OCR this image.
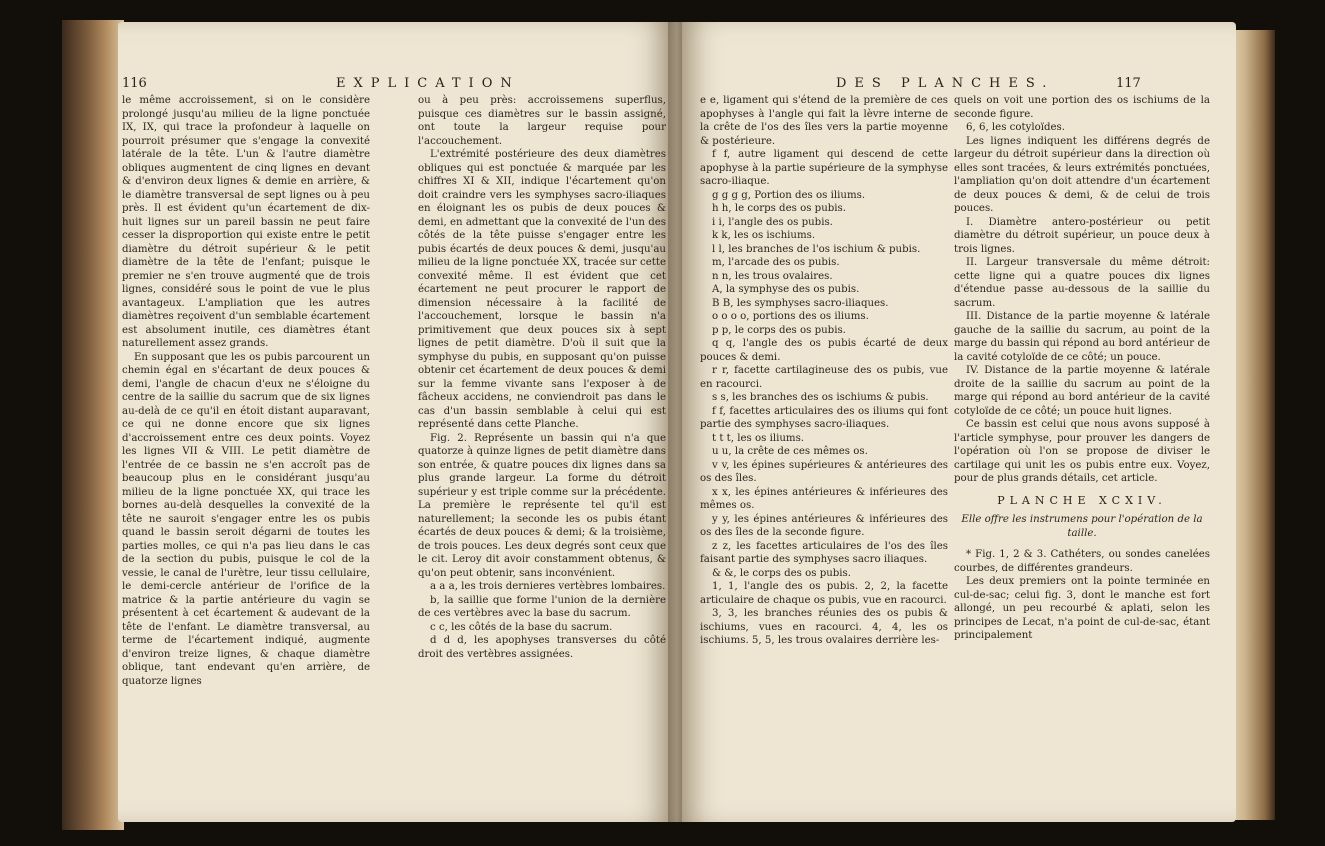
116	EXPLICATION

le même accroissement, si on le considère prolongé jusqu'au milieu de la ligne ponctuée IX, IX, qui trace la profondeur à laquelle on pourroit présumer que s'engage la convexité latérale de la tête. L'un & l'autre diamètre obliques augmentent de cinq lignes en devant & d'environ deux lignes & demie en arrière, & le diamètre transversal de sept lignes ou à peu près. Il est évident qu'un écartement de dix-huit lignes sur un pareil bassin ne peut faire cesser la disproportion qui existe entre le petit diamètre du détroit supérieur & le petit diamètre de la tête de l'enfant; puisque le premier ne s'en trouve augmenté que de trois lignes, considéré sous le point de vue le plus avantageux. L'ampliation que les autres diamètres reçoivent d'un semblable écartement est absolument inutile, ces diamètres étant naturellement assez grands.

En supposant que les os pubis parcourent un chemin égal en s'écartant de deux pouces & demi, l'angle de chacun d'eux ne s'éloigne du centre de la saillie du sacrum que de six lignes au-delà de ce qu'il en étoit distant auparavant, ce qui ne donne encore que six lignes d'accroissement entre ces deux points. Voyez les lignes VII & VIII. Le petit diamètre de l'entrée de ce bassin ne s'en accroît pas de beaucoup plus en le considérant jusqu'au milieu de la ligne ponctuée XX, qui trace les bornes au-delà desquelles la convexité de la tête ne sauroit s'engager entre les os pubis quand le bassin seroit dégarni de toutes les parties molles, ce qui n'a pas lieu dans le cas de la section du pubis, puisque le col de la vessie, le canal de l'urètre, leur tissu cellulaire, le demi-cercle antérieur de l'orifice de la matrice & la partie antérieure du vagin se présentent à cet écartement & audevant de la tête de l'enfant. Le diamètre transversal, au terme de l'écartement indiqué, augmente d'environ treize lignes, & chaque diamètre oblique, tant endevant qu'en arrière, de quatorze lignes

ou à peu près: accroissemens superflus, puisque ces diamètres sur le bassin assigné, ont toute la largeur requise pour l'accouchement.

L'extrémité postérieure des deux diamètres obliques qui est ponctuée & marquée par les chiffres XI & XII, indique l'écartement qu'on doit craindre vers les symphyses sacro-iliaques en éloignant les os pubis de deux pouces & demi, en admettant que la convexité de l'un des côtés de la tête puisse s'engager entre les pubis écartés de deux pouces & demi, jusqu'au milieu de la ligne ponctuée XX, tracée sur cette convexité même. Il est évident que cet écartement ne peut procurer le rapport de dimension nécessaire à la facilité de l'accouchement, lorsque le bassin n'a primitivement que deux pouces six à sept lignes de petit diamètre. D'où il suit que la symphyse du pubis, en supposant qu'on puisse obtenir cet écartement de deux pouces & demi sur la femme vivante sans l'exposer à de fâcheux accidens, ne conviendroit pas dans le cas d'un bassin semblable à celui qui est représenté dans cette Planche.

Fig. 2. Représente un bassin qui n'a que quatorze à quinze lignes de petit diamètre dans son entrée, & quatre pouces dix lignes dans sa plus grande largeur. La forme du détroit supérieur y est triple comme sur la précédente. La première le représente tel qu'il est naturellement; la seconde les os pubis étant écartés de deux pouces & demi; & la troisième, de trois pouces. Les deux degrés sont ceux que le cit. Leroy dit avoir constamment obtenus, & qu'on peut obtenir, sans inconvénient.

a a a, les trois dernieres vertèbres lombaires.

b, la saillie que forme l'union de la dernière de ces vertèbres avec la base du sacrum.

c c, les côtés de la base du sacrum.

d d d, les apophyses transverses du côté droit des vertèbres assignées.

DES PLANCHES.	117

e e, ligament qui s'étend de la première de ces apophyses à l'angle qui fait la lèvre interne de la crête de l'os des îles vers la partie moyenne & postérieure.

f f, autre ligament qui descend de cette apophyse à la partie supérieure de la symphyse sacro-iliaque.

g g g g, Portion des os iliums.

h h, le corps des os pubis.

i i, l'angle des os pubis.

k k, les os ischiums.

l l, les branches de l'os ischium & pubis.

m, l'arcade des os pubis.

n n, les trous ovalaires.

A, la symphyse des os pubis.

B B, les symphyses sacro-iliaques.

o o o o, portions des os iliums.

p p, le corps des os pubis.

q q, l'angle des os pubis écarté de deux pouces & demi.

r r, facette cartilagineuse des os pubis, vue en racourci.

s s, les branches des os ischiums & pubis.

f f, facettes articulaires des os iliums qui font partie des symphyses sacro-iliaques.

t t t, les os iliums.

u u, la crête de ces mêmes os.

v v, les épines supérieures & antérieures des os des îles.

x x, les épines antérieures & inférieures des mêmes os.

y y, les épines antérieures & inférieures des os des îles de la seconde figure.

z z, les facettes articulaires de l'os des îles faisant partie des symphyses sacro iliaques.

& &, le corps des os pubis.

1, 1, l'angle des os pubis. 2, 2, la facette articulaire de chaque os pubis, vue en racourci.

3, 3, les branches réunies des os pubis & ischiums, vues en racourci. 4, 4, les os ischiums. 5, 5, les trous ovalaires derrière les-

quels on voit une portion des os ischiums de la seconde figure.

6, 6, les cotyloïdes.

Les lignes indiquent les différens degrés de largeur du détroit supérieur dans la direction où elles sont tracées, & leurs extrémités ponctuées, l'ampliation qu'on doit attendre d'un écartement de deux pouces & demi, & de celui de trois pouces.

I. Diamètre antero-postérieur ou petit diamètre du détroit supérieur, un pouce deux à trois lignes.

II. Largeur transversale du même détroit: cette ligne qui a quatre pouces dix lignes d'étendue passe au-dessous de la saillie du sacrum.

III. Distance de la partie moyenne & latérale gauche de la saillie du sacrum, au point de la marge du bassin qui répond au bord antérieur de la cavité cotyloïde de ce côté; un pouce.

IV. Distance de la partie moyenne & latérale droite de la saillie du sacrum au point de la marge qui répond au bord antérieur de la cavité cotyloïde de ce côté; un pouce huit lignes.

Ce bassin est celui que nous avons supposé à l'article symphyse, pour prouver les dangers de l'opération où l'on se propose de diviser le cartilage qui unit les os pubis entre eux. Voyez, pour de plus grands détails, cet article.

PLANCHE XCXIV.

Elle offre les instrumens pour l'opération de la taille.

* Fig. 1, 2 & 3. Cathéters, ou sondes canelées courbes, de différentes grandeurs.

Les deux premiers ont la pointe terminée en cul-de-sac; celui fig. 3, dont le manche est fort allongé, un peu recourbé & aplati, selon les principes de Lecat, n'a point de cul-de-sac, étant principalement
